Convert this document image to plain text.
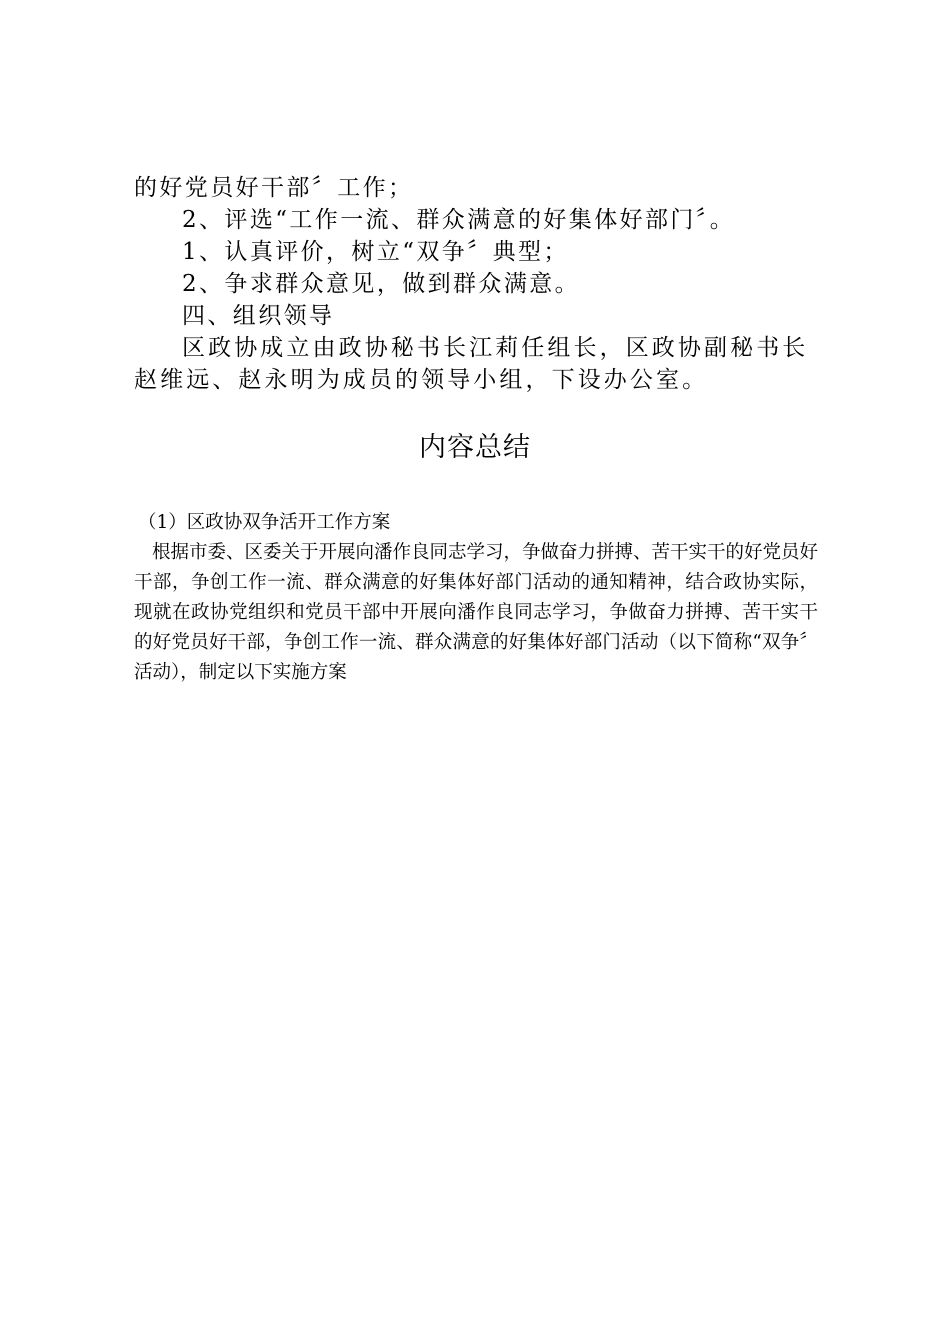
的好党员好干部〞工作；

2、评选“工作一流、群众满意的好集体好部门〞。

1、认真评价，树立“双争〞典型；

2、争求群众意见，做到群众满意。

四、组织领导

区政协成立由政协秘书长江莉任组长，区政协副秘书长赵维远、赵永明为成员的领导小组，下设办公室。

内容总结

（1）区政协双争活开工作方案

根据市委、区委关于开展向潘作良同志学习，争做奋力拼搏、苦干实干的好党员好干部，争创工作一流、群众满意的好集体好部门活动的通知精神，结合政协实际，现就在政协党组织和党员干部中开展向潘作良同志学习，争做奋力拼搏、苦干实干的好党员好干部，争创工作一流、群众满意的好集体好部门活动（以下简称“双争〞活动），制定以下实施方案
